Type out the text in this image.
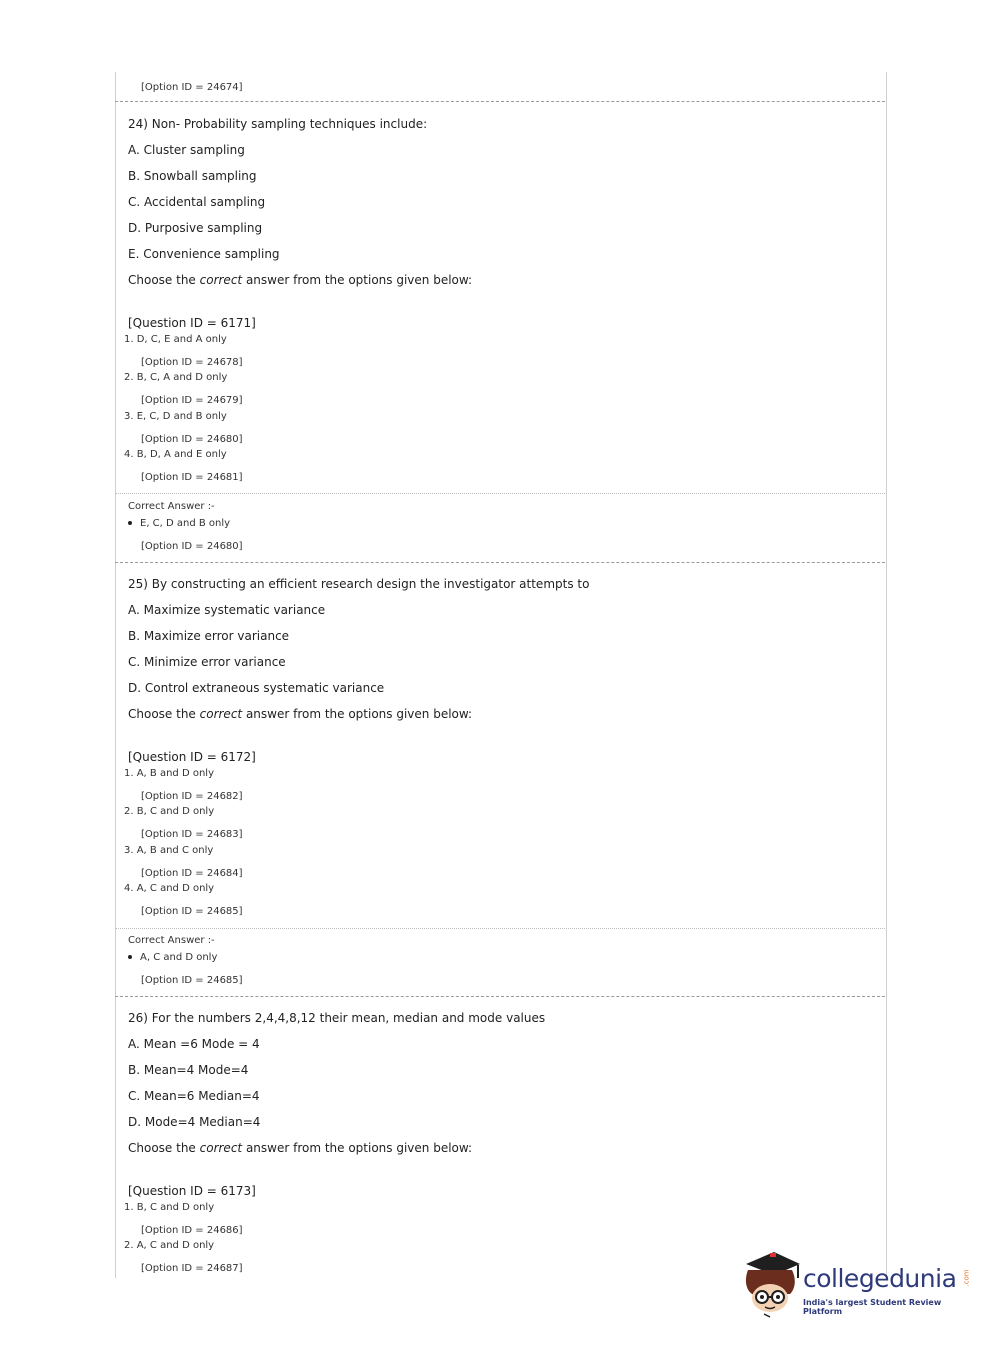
[Option ID = 24674]
24) Non- Probability sampling techniques include:
A. Cluster sampling
B. Snowball sampling
C. Accidental sampling
D. Purposive sampling
E. Convenience sampling
Choose the correct answer from the options given below:
[Question ID = 6171]
1. D, C, E and A only
[Option ID = 24678]
2. B, C, A and D only
[Option ID = 24679]
3. E, C, D and B only
[Option ID = 24680]
4. B, D, A and E only
[Option ID = 24681]
Correct Answer :-
E, C, D and B only
[Option ID = 24680]
25) By constructing an efficient research design the investigator attempts to
A. Maximize systematic variance
B. Maximize error variance
C. Minimize error variance
D. Control extraneous systematic variance
Choose the correct answer from the options given below:
[Question ID = 6172]
1. A, B and D only
[Option ID = 24682]
2. B, C and D only
[Option ID = 24683]
3. A, B and C only
[Option ID = 24684]
4. A, C and D only
[Option ID = 24685]
Correct Answer :-
A, C and D only
[Option ID = 24685]
26) For the numbers 2,4,4,8,12 their mean, median and mode values
A. Mean =6 Mode = 4
B. Mean=4 Mode=4
C. Mean=6 Median=4
D. Mode=4 Median=4
Choose the correct answer from the options given below:
[Question ID = 6173]
1. B, C and D only
[Option ID = 24686]
2. A, C and D only
[Option ID = 24687]	collegedunia .com
India's largest Student Review Platform
